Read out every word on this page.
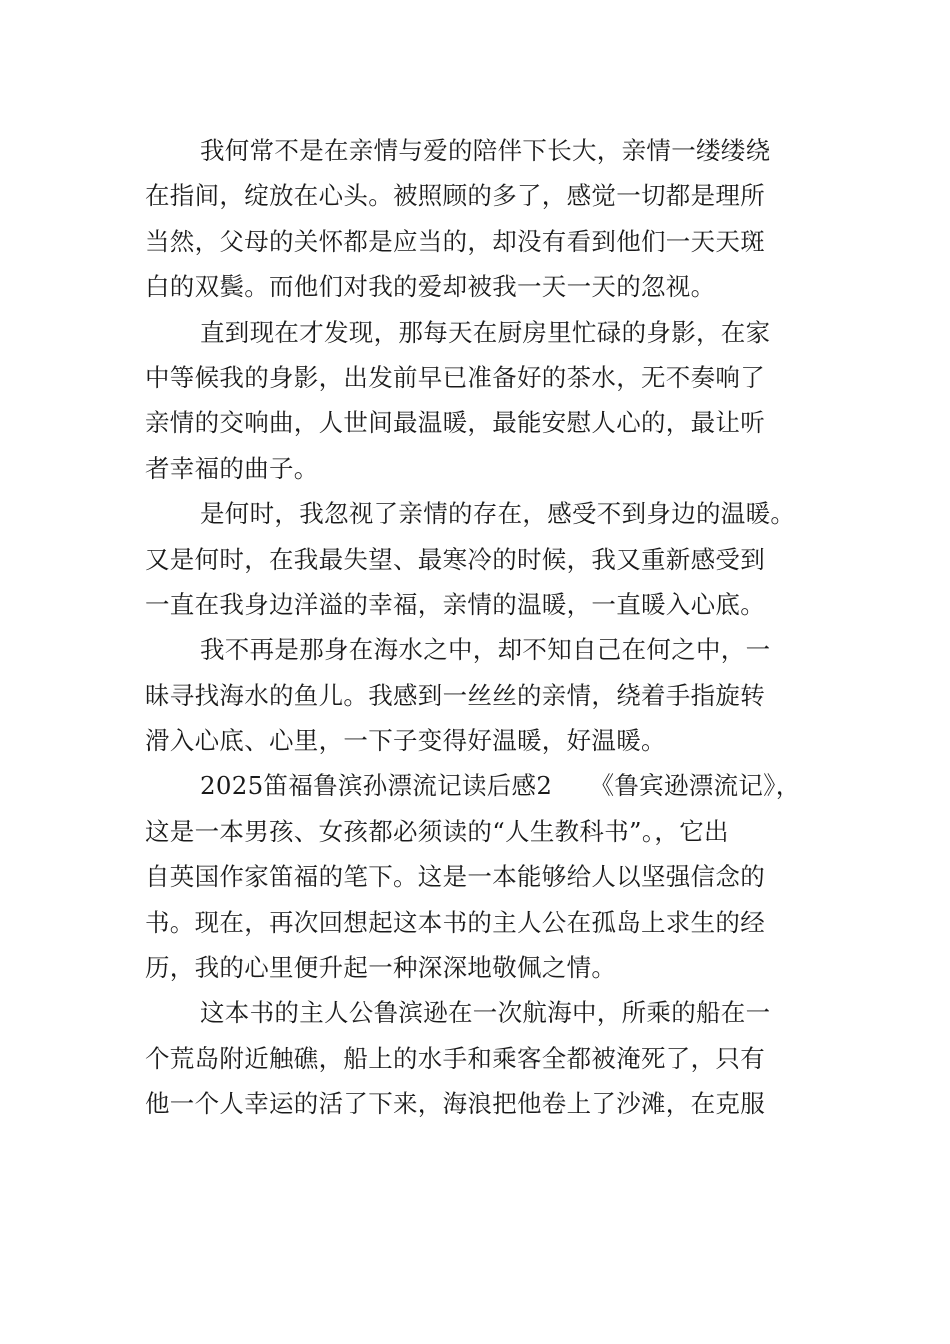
我何常不是在亲情与爱的陪伴下长大，亲情一缕缕绕
在指间，绽放在心头。被照顾的多了，感觉一切都是理所
当然，父母的关怀都是应当的，却没有看到他们一天天斑
白的双鬓。而他们对我的爱却被我一天一天的忽视。
直到现在才发现，那每天在厨房里忙碌的身影，在家
中等候我的身影，出发前早已准备好的茶水，无不奏响了
亲情的交响曲，人世间最温暖，最能安慰人心的，最让听
者幸福的曲子。
是何时，我忽视了亲情的存在，感受不到身边的温暖。
又是何时，在我最失望、最寒冷的时候，我又重新感受到
一直在我身边洋溢的幸福，亲情的温暖，一直暖入心底。
我不再是那身在海水之中，却不知自己在何之中，一
昧寻找海水的鱼儿。我感到一丝丝的亲情，绕着手指旋转
滑入心底、心里，一下子变得好温暖，好温暖。
2025笛福鲁滨孙漂流记读后感2　　《鲁宾逊漂流记》，
这是一本男孩、女孩都必须读的“人生教科书”。，它出
自英国作家笛福的笔下。这是一本能够给人以坚强信念的
书。现在，再次回想起这本书的主人公在孤岛上求生的经
历，我的心里便升起一种深深地敬佩之情。
这本书的主人公鲁滨逊在一次航海中，所乘的船在一
个荒岛附近触礁，船上的水手和乘客全都被淹死了，只有
他一个人幸运的活了下来，海浪把他卷上了沙滩，在克服
